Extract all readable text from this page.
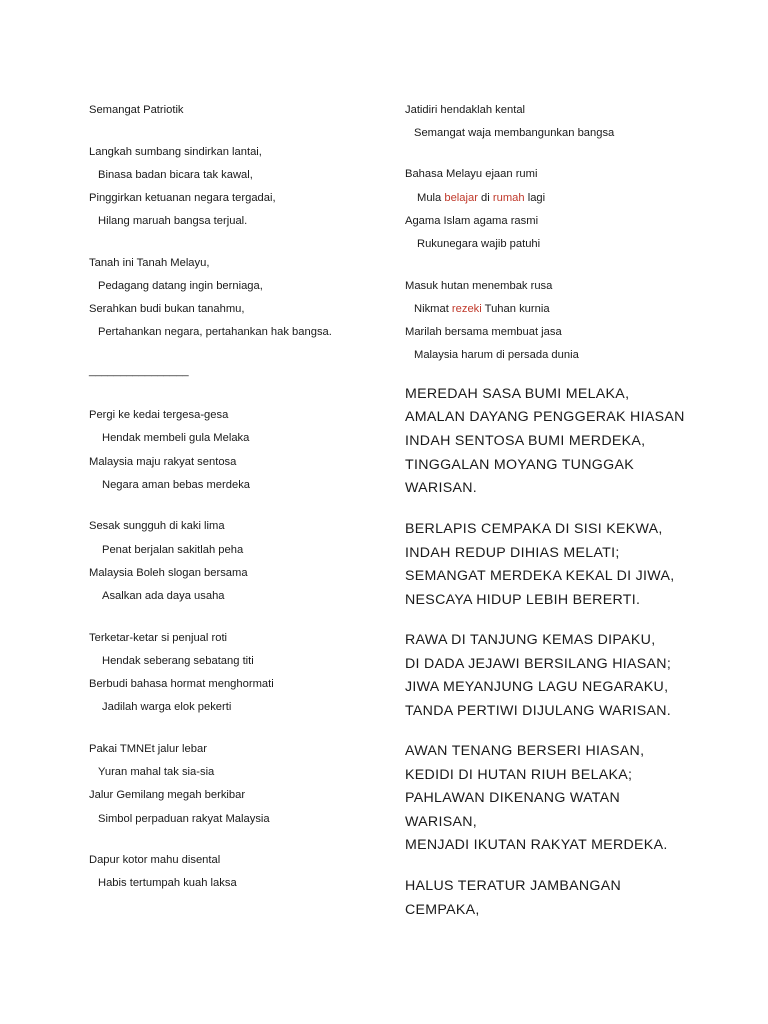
Semangat Patriotik
Langkah sumbang sindirkan lantai,
Binasa badan bicara tak kawal,
Pinggirkan ketuanan negara tergadai,
Hilang maruah bangsa terjual.
Tanah ini Tanah Melayu,
Pedagang datang ingin berniaga,
Serahkan budi bukan tanahmu,
Pertahankan negara, pertahankan hak bangsa.
________________
Pergi ke kedai tergesa-gesa
Hendak membeli gula Melaka
Malaysia maju rakyat sentosa
Negara aman bebas merdeka
Sesak sungguh di kaki lima
Penat berjalan sakitlah peha
Malaysia Boleh slogan bersama
Asalkan ada daya usaha
Terketar-ketar si penjual roti
Hendak seberang sebatang titi
Berbudi bahasa hormat menghormati
Jadilah warga elok pekerti
Pakai TMNEt jalur lebar
Yuran mahal tak sia-sia
Jalur Gemilang megah berkibar
Simbol perpaduan rakyat Malaysia
Dapur kotor mahu disental
Habis tertumpah kuah laksa
Jatidiri hendaklah kental
Semangat waja membangunkan bangsa
Bahasa Melayu ejaan rumi
Mula belajar di rumah lagi
Agama Islam agama rasmi
Rukunegara wajib patuhi
Masuk hutan menembak rusa
Nikmat rezeki Tuhan kurnia
Marilah bersama membuat jasa
Malaysia harum di persada dunia
MEREDAH SASA BUMI MELAKA,
AMALAN DAYANG PENGGERAK HIASAN
INDAH SENTOSA BUMI MERDEKA,
TINGGALAN MOYANG TUNGGAK
WARISAN.
BERLAPIS CEMPAKA DI SISI KEKWA,
INDAH REDUP DIHIAS MELATI;
SEMANGAT MERDEKA KEKAL DI JIWA,
NESCAYA HIDUP LEBIH BERERTI.
RAWA DI TANJUNG KEMAS DIPAKU,
DI DADA JEJAWI BERSILANG HIASAN;
JIWA MEYANJUNG LAGU NEGARAKU,
TANDA PERTIWI DIJULANG WARISAN.
AWAN TENANG BERSERI HIASAN,
KEDIDI DI HUTAN RIUH BELAKA;
PAHLAWAN DIKENANG WATAN
WARISAN,
MENJADI IKUTAN RAKYAT MERDEKA.
HALUS TERATUR JAMBANGAN
CEMPAKA,
